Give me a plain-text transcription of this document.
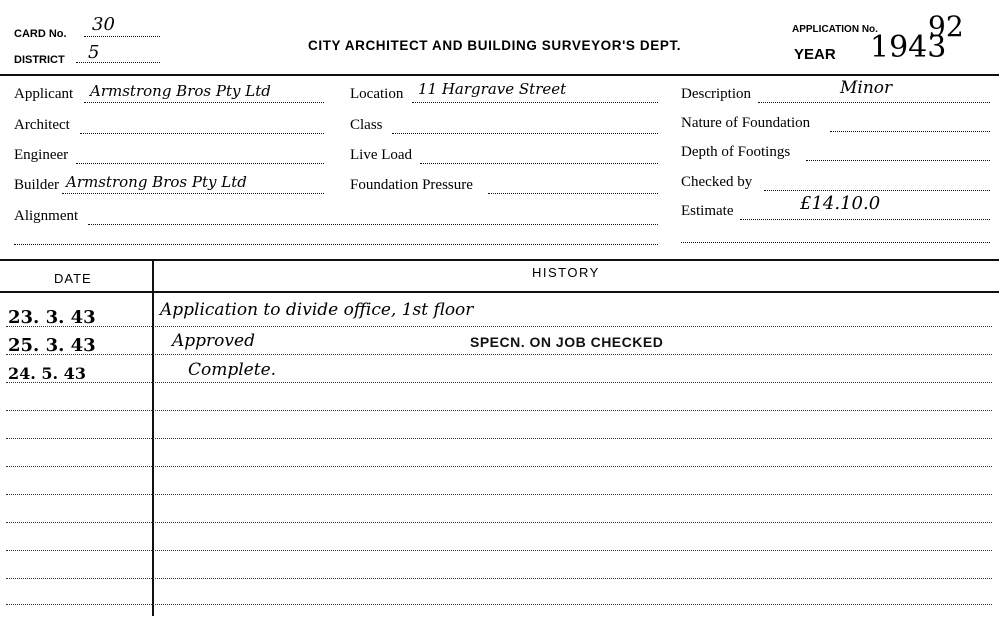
CARD No. 30
DISTRICT 5	CITY ARCHITECT AND BUILDING SURVEYOR'S DEPT.
APPLICATION No. 92
YEAR 1943
Applicant Armstrong Bros Pty Ltd
Architect
Engineer
Builder Armstrong Bros Pty Ltd
Alignment
Location 11 Hargrave Street
Class
Live Load
Foundation Pressure
Description	Minor
Nature of Foundation
Depth of Footings
Checked by
Estimate	£14.10.0
DATE	HISTORY
23. 3. 43	Application to divide office, 1st floor
25. 3. 43	Approved	SPECN. ON JOB CHECKED
24. 5. 43	Complete.
